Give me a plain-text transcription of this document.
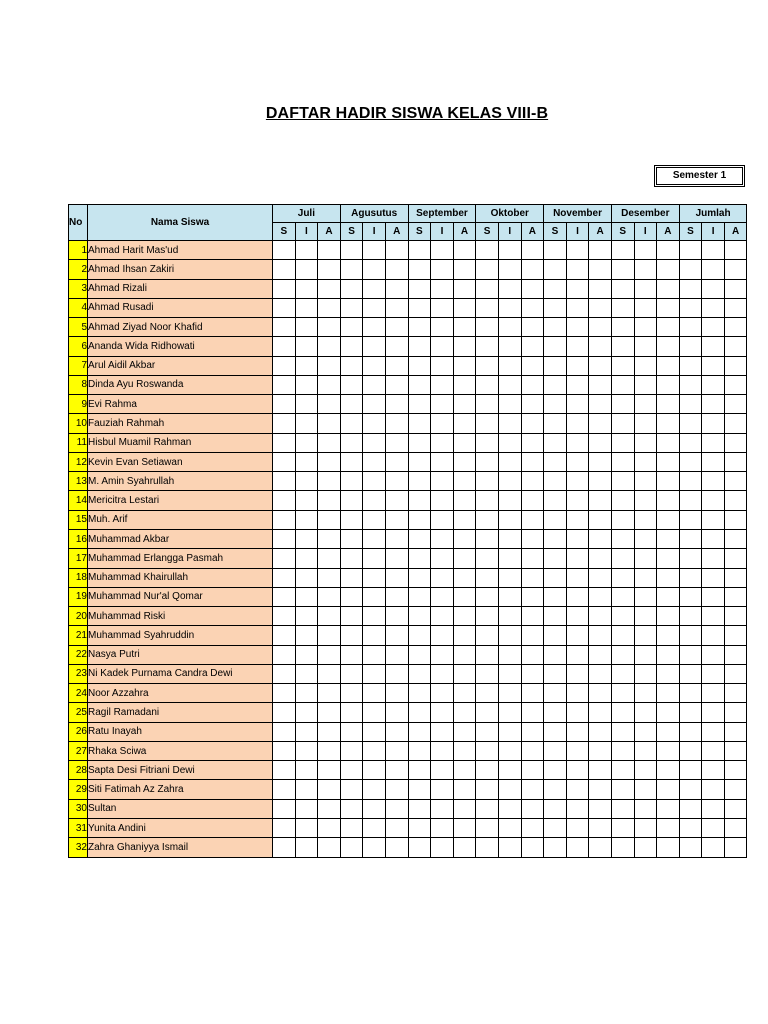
DAFTAR HADIR SISWA KELAS VIII-B
Semester 1
No	Nama Siswa	Juli			Agusutus			September			Oktober			November			Desember			Jumlah		
		S	I	A	S	I	A	S	I	A	S	I	A	S	I	A	S	I	A	S	I	A
1	Ahmad Harit Mas'ud																					
2	Ahmad Ihsan Zakiri																					
3	Ahmad Rizali																					
4	Ahmad Rusadi																					
5	Ahmad Ziyad Noor Khafid																					
6	Ananda Wida Ridhowati																					
7	Arul Aidil Akbar																					
8	Dinda Ayu Roswanda																					
9	Evi Rahma																					
10	Fauziah Rahmah																					
11	Hisbul Muamil Rahman																					
12	Kevin Evan Setiawan																					
13	M. Amin Syahrullah																					
14	Mericitra Lestari																					
15	Muh. Arif																					
16	Muhammad Akbar																					
17	Muhammad Erlangga Pasmah																					
18	Muhammad Khairullah																					
19	Muhammad Nur'al Qomar																					
20	Muhammad Riski																					
21	Muhammad Syahruddin																					
22	Nasya Putri																					
23	Ni Kadek Purnama Candra Dewi																					
24	Noor Azzahra																					
25	Ragil Ramadani																					
26	Ratu Inayah																					
27	Rhaka Sciwa																					
28	Sapta Desi Fitriani Dewi																					
29	Siti Fatimah Az Zahra																					
30	Sultan																					
31	Yunita Andini																					
32	Zahra Ghaniyya Ismail																					
